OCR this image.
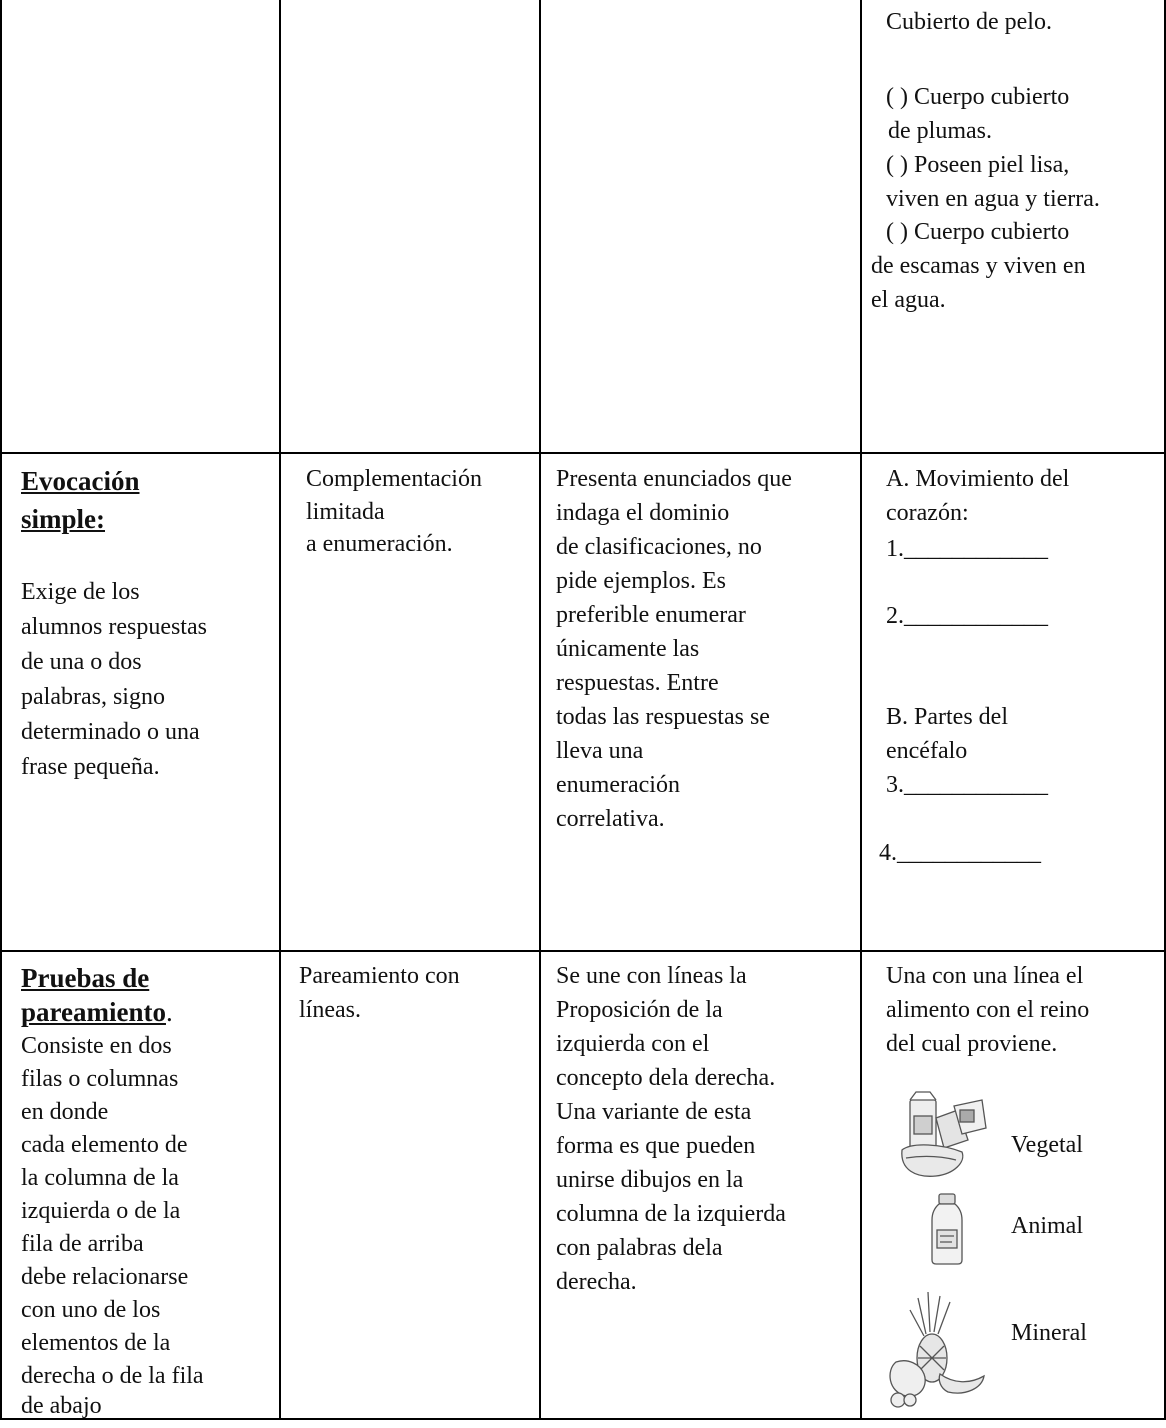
Cubierto de pelo.
( ) Cuerpo cubierto
de plumas.
( ) Poseen piel lisa,
viven en agua y tierra.
( ) Cuerpo cubierto
de escamas y viven en
el agua.
Evocación
simple:
Exige de los
alumnos respuestas
de una o dos
palabras, signo
determinado o una
frase pequeña.
Complementación
limitada
a enumeración.
Presenta enunciados que
indaga el dominio
de clasificaciones, no
pide ejemplos. Es
preferible enumerar
únicamente las
respuestas. Entre
todas las respuestas se
lleva una
enumeración
correlativa.
A. Movimiento del
corazón:
1.____________
2.____________
B. Partes del
encéfalo
3.____________
4.____________
Pruebas de
pareamiento.
Consiste en dos
filas o columnas
en donde
cada elemento de
la columna de la
izquierda o de la
fila de arriba
debe relacionarse
con uno de los
elementos de la
derecha o de la fila
de abajo
Pareamiento con
líneas.
Se une con líneas la
Proposición de la
izquierda con el
concepto dela derecha.
Una variante de esta
forma es que pueden
unirse dibujos en la
columna de la izquierda
con palabras dela
derecha.
Una con una línea el
alimento con el reino
del cual proviene.
Vegetal
Animal
Mineral
